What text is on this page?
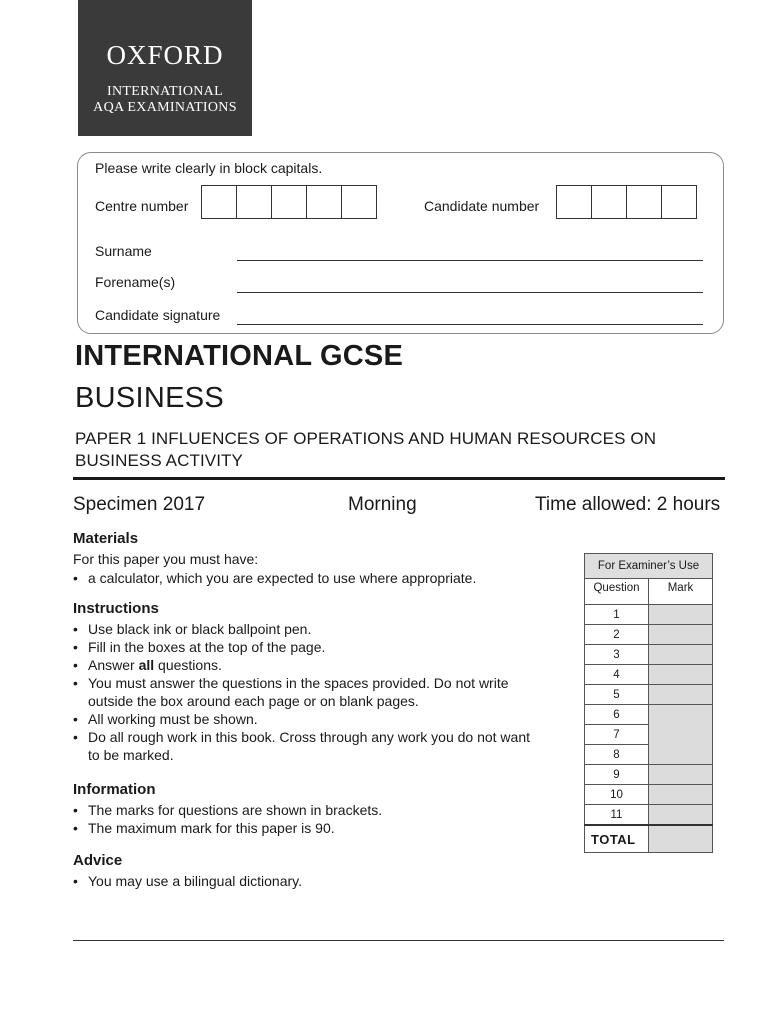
OXFORD
INTERNATIONAL
AQA EXAMINATIONS
Please write clearly in block capitals.
Centre number	Candidate number
Surname
Forename(s)
Candidate signature
INTERNATIONAL GCSE
BUSINESS
PAPER 1 INFLUENCES OF OPERATIONS AND HUMAN RESOURCES ON BUSINESS ACTIVITY
Specimen 2017	Morning	Time allowed: 2 hours
Materials

For this paper you must have:

• a calculator, which you are expected to use where appropriate.
Instructions
• Use black ink or black ballpoint pen.
• Fill in the boxes at the top of the page.
• Answer all questions.
• You must answer the questions in the spaces provided. Do not write outside the box around each page or on blank pages.
• All working must be shown.
• Do all rough work in this book. Cross through any work you do not want to be marked.
Information
• The marks for questions are shown in brackets.
• The maximum mark for this paper is 90.
Advice
• You may use a bilingual dictionary.
For Examiner’s Use	
Question	Mark
1	
2	
3	
4	
5	
6	
7	
8	
9	
10	
11	
TOTAL	
